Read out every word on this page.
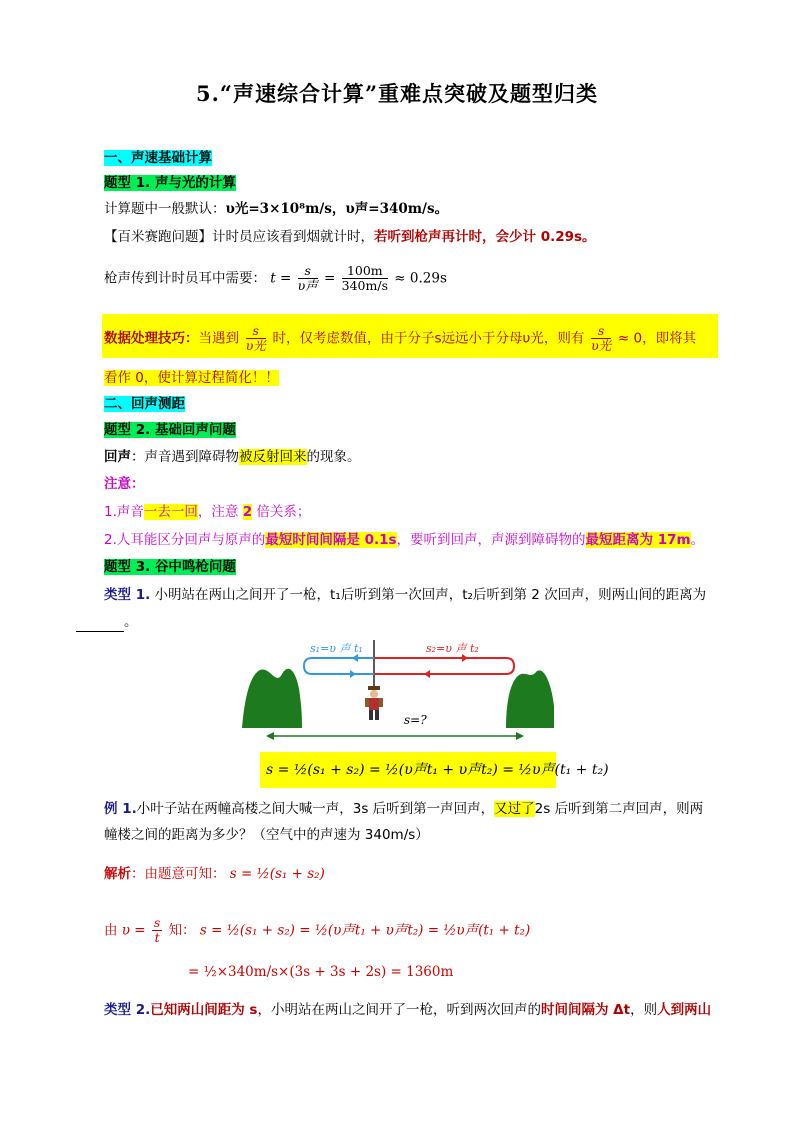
5.“声速综合计算”重难点突破及题型归类
一、声速基础计算
题型 1. 声与光的计算
计算题中一般默认：υ光=3×10⁸m/s，υ声=340m/s。
【百米赛跑问题】计时员应该看到烟就计时，若听到枪声再计时，会少计 0.29s。
枪声传到计时员耳中需要： $t = \frac{s}{\text{υ声}} = \frac{100m}{340m/s} \approx 0.29s$
数据处理技巧：当遇到 $\frac{s}{\text{υ光}}$ 时，仅考虑数值，由于分子s远远小于分母υ光，则有 $\frac{s}{\text{υ光}} \approx 0$，即将其
看作 0，使计算过程简化！！
二、回声测距
题型 2. 基础回声问题
回声：声音遇到障碍物被反射回来的现象。
注意：
1.声音一去一回，注意 2 倍关系；
2.人耳能区分回声与原声的最短时间间隔是 0.1s，要听到回声，声源到障碍物的最短距离为 17m。
题型 3. 谷中鸣枪问题
类型 1. 小明站在两山之间开了一枪，t₁后听到第一次回声，t₂后听到第 2 次回声，则两山间的距离为
。
s₁=υ 声 t₁	s₂=υ 声 t₂
s=?
s = ½(s₁ + s₂) = ½(υ声t₁ + υ声t₂) = ½υ声(t₁ + t₂)
例 1.小叶子站在两幢高楼之间大喊一声，3s 后听到第一声回声，又过了2s 后听到第二声回声，则两
幢楼之间的距离为多少？（空气中的声速为 340m/s）
解析：由题意可知： s = ½(s₁ + s₂)
由 $\upsilon = \frac{s}{t}$ 知： s = ½(s₁ + s₂) = ½(υ声t₁ + υ声t₂) = ½υ声(t₁ + t₂)
= ½×340m/s×(3s + 3s + 2s) = 1360m
类型 2.已知两山间距为 s，小明站在两山之间开了一枪，听到两次回声的时间间隔为 Δt，则人到两山
